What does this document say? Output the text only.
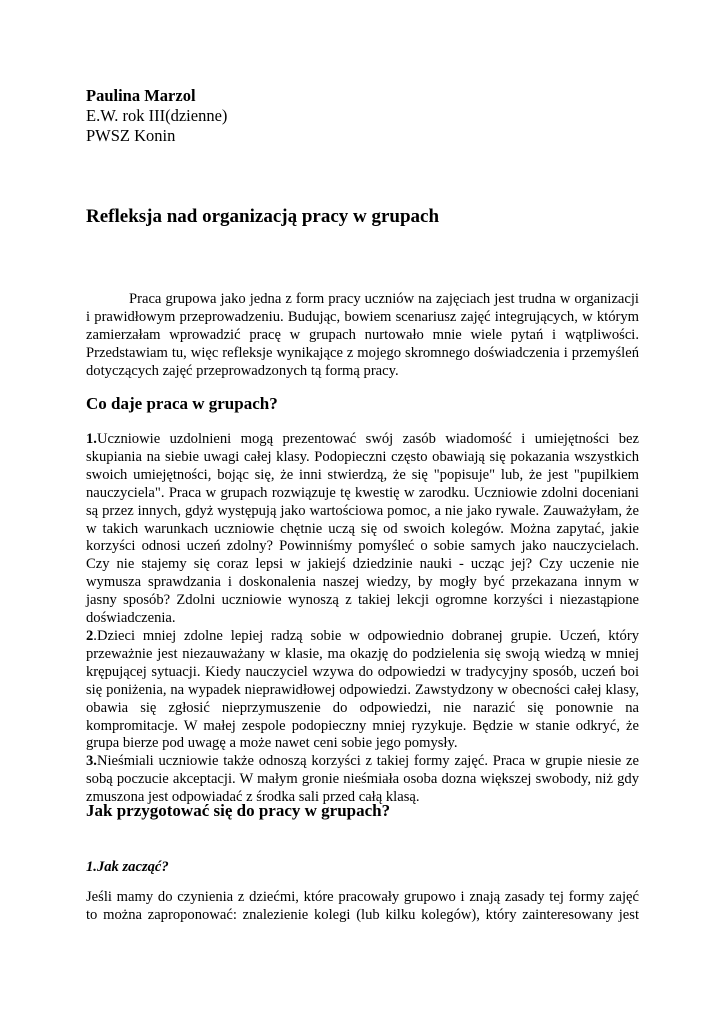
Paulina Marzol
E.W. rok III(dzienne)
PWSZ Konin
Refleksja nad organizacją pracy w grupach
Praca grupowa jako jedna z form pracy uczniów na zajęciach jest trudna w organizacji
i prawidłowym przeprowadzeniu. Budując, bowiem scenariusz zajęć integrujących, w którym
zamierzałam wprowadzić pracę w grupach nurtowało mnie wiele pytań i wątpliwości.
Przedstawiam tu, więc refleksje wynikające z mojego skromnego doświadczenia i przemyśleń
dotyczących zajęć przeprowadzonych tą formą pracy.
Co daje praca w grupach?
1.Uczniowie uzdolnieni mogą prezentować swój zasób wiadomość i umiejętności bez
skupiania na siebie uwagi całej klasy. Podopieczni często obawiają się pokazania wszystkich
swoich umiejętności, bojąc się, że inni stwierdzą, że się "popisuje" lub, że jest "pupilkiem
nauczyciela". Praca w grupach rozwiązuje tę kwestię w zarodku. Uczniowie zdolni doceniani
są przez innych, gdyż występują jako wartościowa pomoc, a nie jako rywale. Zauważyłam, że
w takich warunkach uczniowie chętnie uczą się od swoich kolegów. Można zapytać, jakie
korzyści odnosi uczeń zdolny? Powinniśmy pomyśleć o sobie samych jako nauczycielach.
Czy nie stajemy się coraz lepsi w jakiejś dziedzinie nauki - ucząc jej? Czy uczenie nie
wymusza sprawdzania i doskonalenia naszej wiedzy, by mogły być przekazana innym w
jasny sposób? Zdolni uczniowie wynoszą z takiej lekcji ogromne korzyści i niezastąpione
doświadczenia.
2.Dzieci mniej zdolne lepiej radzą sobie w odpowiednio dobranej grupie. Uczeń, który
przeważnie jest niezauważany w klasie, ma okazję do podzielenia się swoją wiedzą w mniej
krępującej sytuacji. Kiedy nauczyciel wzywa do odpowiedzi w tradycyjny sposób, uczeń boi
się poniżenia, na wypadek nieprawidłowej odpowiedzi. Zawstydzony w obecności całej klasy,
obawia się zgłosić nieprzymuszenie do odpowiedzi, nie narazić się ponownie na
kompromitacje. W małej zespole podopieczny mniej ryzykuje. Będzie w stanie odkryć, że
grupa bierze pod uwagę a może nawet ceni sobie jego pomysły.
3.Nieśmiali uczniowie także odnoszą korzyści z takiej formy zajęć. Praca w grupie niesie ze
sobą poczucie akceptacji. W małym gronie nieśmiała osoba dozna większej swobody, niż gdy
zmuszona jest odpowiadać z środka sali przed całą klasą.
Jak przygotować się do pracy w grupach?
1.Jak zacząć?
Jeśli mamy do czynienia z dziećmi, które pracowały grupowo i znają zasady tej formy zajęć
to można zaproponować: znalezienie kolegi (lub kilku kolegów), który zainteresowany jest
